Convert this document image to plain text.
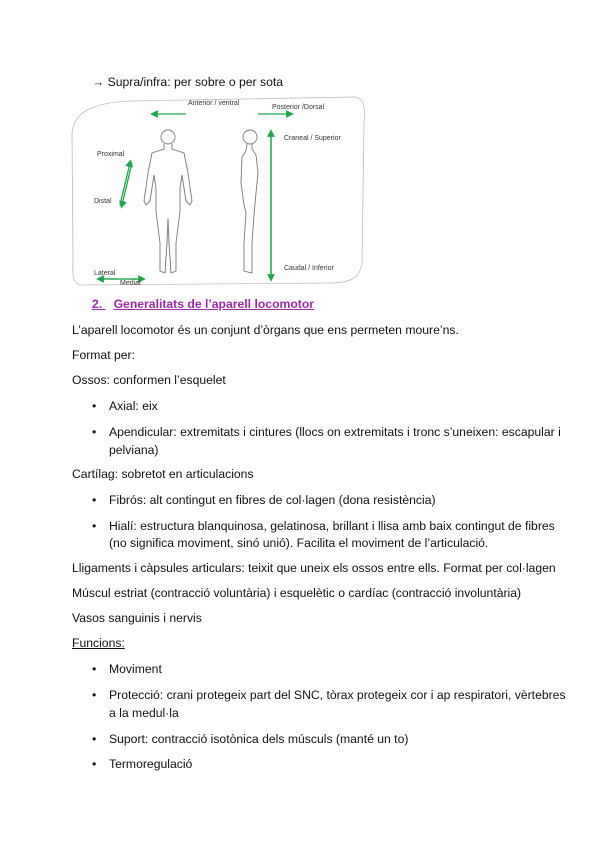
→ Supra/infra: per sobre o per sota
Anterior / ventral
Posterior /Dorsal
Craneal / Superior
Proximal
Distal
Caudal / Inferior
Lateral
Medial
2. Generalitats de l’aparell locomotor
L’aparell locomotor és un conjunt d’òrgans que ens permeten moure’ns.
Format per:
Ossos: conformen l’esquelet
• Axial: eix
• Apendicular: extremitats i cintures (llocs on extremitats i tronc s’uneixen: escapular i
pelviana)
Cartílag: sobretot en articulacions
• Fibrós: alt contingut en fibres de col·lagen (dona resistència)
• Hialí: estructura blanquinosa, gelatinosa, brillant i llisa amb baix contingut de fibres
(no significa moviment, sinó unió). Facilita el moviment de l’articulació.
Lligaments i càpsules articulars: teixit que uneix els ossos entre ells. Format per col·lagen
Múscul estriat (contracció voluntària) i esquelètic o cardíac (contracció involuntària)
Vasos sanguinis i nervis
Funcions:
• Moviment
• Protecció: crani protegeix part del SNC, tòrax protegeix cor i ap respiratori, vèrtebres
a la medul·la
• Suport: contracció isotònica dels músculs (manté un to)
• Termoregulació
